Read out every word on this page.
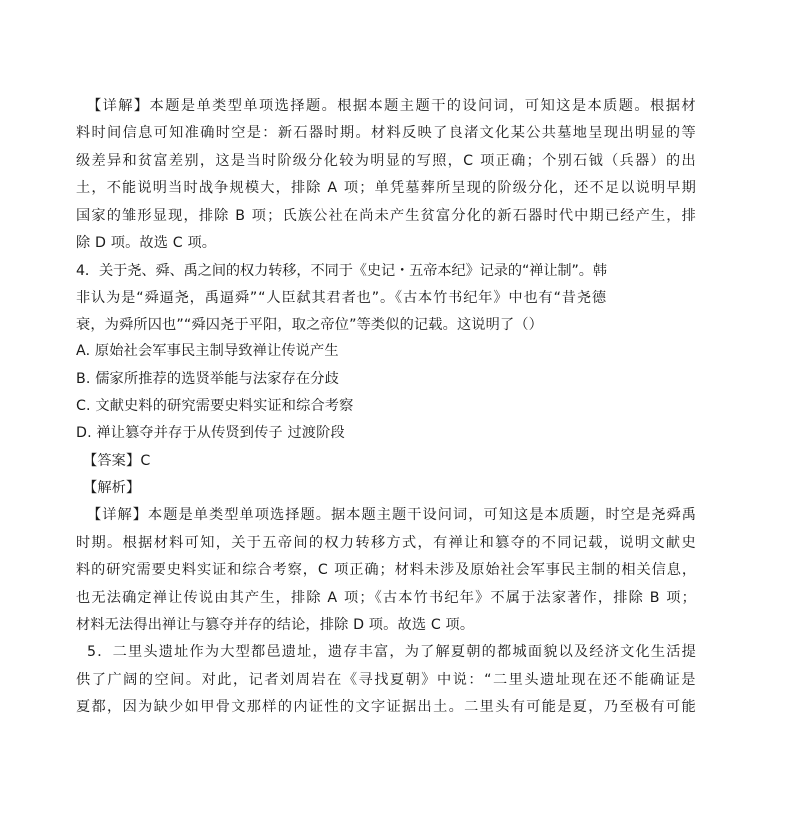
【详解】本题是单类型单项选择题。根据本题主题干的设问词，可知这是本质题。根据材
料时间信息可知准确时空是：新石器时期。材料反映了良渚文化某公共墓地呈现出明显的等
级差异和贫富差别，这是当时阶级分化较为明显的写照，C 项正确；个别石钺（兵器）的出
土，不能说明当时战争规模大，排除 A 项；单凭墓葬所呈现的阶级分化，还不足以说明早期
国家的雏形显现，排除 B 项；氏族公社在尚未产生贫富分化的新石器时代中期已经产生，排
除 D 项。故选 C 项。
4．关于尧、舜、禹之间的权力转移，不同于《史记・五帝本纪》记录的“禅让制”。韩
非认为是“舜逼尧，禹逼舜”“人臣弑其君者也”。《古本竹书纪年》中也有“昔尧德
衰，为舜所囚也”“舜囚尧于平阳，取之帝位”等类似的记载。这说明了（）
A. 原始社会军事民主制导致禅让传说产生
B. 儒家所推荐的选贤举能与法家存在分歧
C. 文献史料的研究需要史料实证和综合考察
D. 禅让篡夺并存于从传贤到传子 过渡阶段
【答案】C
【解析】
【详解】本题是单类型单项选择题。据本题主题干设问词，可知这是本质题，时空是尧舜禹
时期。根据材料可知，关于五帝间的权力转移方式，有禅让和篡夺的不同记载，说明文献史
料的研究需要史料实证和综合考察，C 项正确；材料未涉及原始社会军事民主制的相关信息，
也无法确定禅让传说由其产生，排除 A 项；《古本竹书纪年》不属于法家著作，排除 B 项；
材料无法得出禅让与篡夺并存的结论，排除 D 项。故选 C 项。
5．二里头遗址作为大型都邑遗址，遗存丰富，为了解夏朝的都城面貌以及经济文化生活提
供了广阔的空间。对此，记者刘周岩在《寻找夏朝》中说：“二里头遗址现在还不能确证是
夏都，因为缺少如甲骨文那样的内证性的文字证据出土。二里头有可能是夏，乃至极有可能
